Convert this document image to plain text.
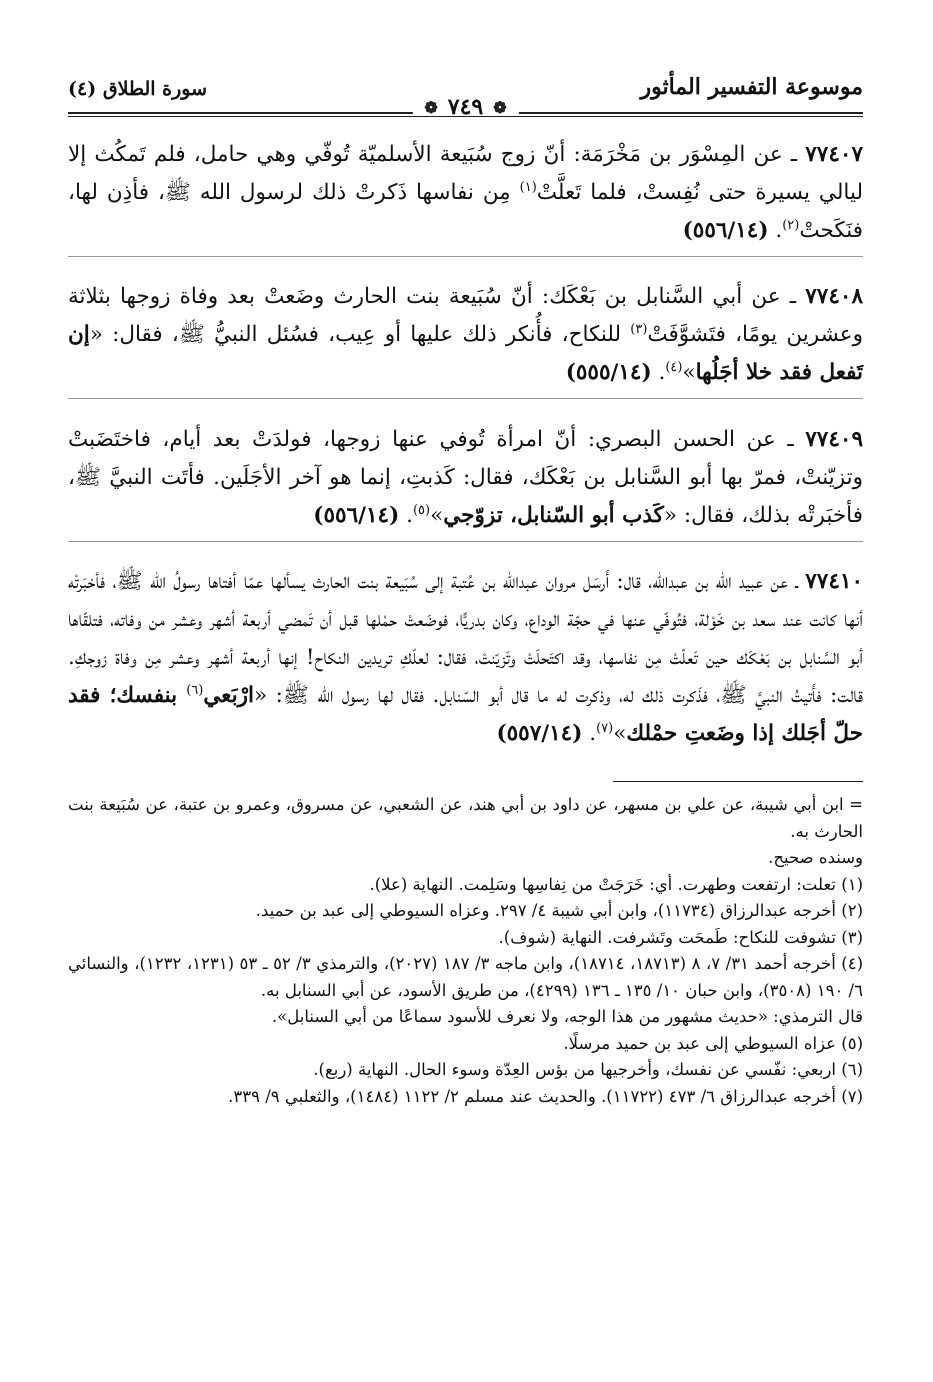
موسوعة التفسير المأثور
سورة الطلاق (٤)
❁
٧٤٩
❁

٧٧٤٠٧ ـ عن المِسْوَر بن مَخْرَمَة: أنّ زوج سُبَيعة الأسلميّة تُوفّي وهي حامل، فلم تَمكُث إلا ليالي يسيرة حتى نُفِستْ، فلما تَعلَّتْ$^{(١)}$ مِن نفاسها ذَكرتْ ذلك لرسول الله ﷺ، فأذِن لها، فنَكَحتْ$^{(٢)}$. (٥٥٦/١٤)

٧٧٤٠٨ ـ عن أبي السَّنابل بن بَعْكَك: أنّ سُبَيعة بنت الحارث وضَعتْ بعد وفاة زوجها بثلاثة وعشرين يومًا، فتَشوَّفَتْ$^{(٣)}$ للنكاح، فأُنكر ذلك عليها أو عِيب، فسُئل النبيُّ ﷺ، فقال: «إن تَفعل فقد خلا أجَلُها»$^{(٤)}$. (٥٥٥/١٤)

٧٧٤٠٩ ـ عن الحسن البصري: أنّ امرأة تُوفي عنها زوجها، فولدَتْ بعد أيام، فاختَضَبتْ وتزيّنتْ، فمرّ بها أبو السَّنابل بن بَعْكَك، فقال: كَذبتِ، إنما هو آخر الأجَلَين. فأتَت النبيَّ ﷺ، فأخبَرتْه بذلك، فقال: «كَذب أبو السّنابل، تزوّجي»$^{(٥)}$. (٥٥٦/١٤)

٧٧٤١٠ ـ عن عبيد الله بن عبدالله، قال: أَرسَل مروان عبدالله بن عُتبة إلى سُبَيعة بنت الحارث يسألها عمّا أفتاها رسولُ الله ﷺ، فأخبَرتْه أنها كانت عند سعد بن خَوْلة، فتُوفّي عنها في حجّة الوداع، وكان بدريًّا، فوضَعتْ حمْلها قبل أن تَمضي أربعة أشهر وعشر من وفاته، فتلقّاها أبو السَّنابل بن بَعْكَك حين تَعلّتْ مِن نفاسها، وقد اكتَحلَتْ وتَزيّنتْ، فقال: لعلّكِ تريدين النكاح! إنها أربعة أشهر وعشر مِن وفاة زوجكِ. قالت: فأَتيتُ النبيَّ ﷺ، فذَكرت ذلك له، وذكرت له ما قال أبو السّنابل. فقال لها رسول الله ﷺ: «ارْبَعي$^{(٦)}$ بنفسك؛ فقد حلّ أجَلك إذا وضَعتِ حمْلك»$^{(٧)}$. (٥٥٧/١٤)

= ابن أبي شيبة، عن علي بن مسهر، عن داود بن أبي هند، عن الشعبي، عن مسروق، وعمرو بن عتبة، عن سُبَيعة بنت الحارث به.

وسنده صحيح.

(١) تعلت: ارتفعت وطهرت. أي: خَرَجَتْ من نِفاسِها وسَلِمت. النهاية (علا).

(٢) أخرجه عبدالرزاق (١١٧٣٤)، وابن أبي شيبة ٤/ ٢٩٧. وعزاه السيوطي إلى عبد بن حميد.

(٣) تشوفت للنكاح: طَمحَت وتَشرفت. النهاية (شوف).

(٤) أخرجه أحمد ٣١/ ٧، ٨ (١٨٧١٣، ١٨٧١٤)، وابن ماجه ٣/ ١٨٧ (٢٠٢٧)، والترمذي ٣/ ٥٢ ـ ٥٣ (١٢٣١، ١٢٣٢)، والنسائي ٦/ ١٩٠ (٣٥٠٨)، وابن حبان ١٠/ ١٣٥ ـ ١٣٦ (٤٢٩٩)، من طريق الأسود، عن أبي السنابل به.

قال الترمذي: «حديث مشهور من هذا الوجه، ولا نعرف للأسود سماعًا من أبي السنابل».

(٥) عزاه السيوطي إلى عبد بن حميد مرسلًا.

(٦) اربعي: نفّسي عن نفسك، وأخرجيها من بؤس العِدّة وسوء الحال. النهاية (ربع).

(٧) أخرجه عبدالرزاق ٦/ ٤٧٣ (١١٧٢٢). والحديث عند مسلم ٢/ ١١٢٢ (١٤٨٤)، والثعلبي ٩/ ٣٣٩.
